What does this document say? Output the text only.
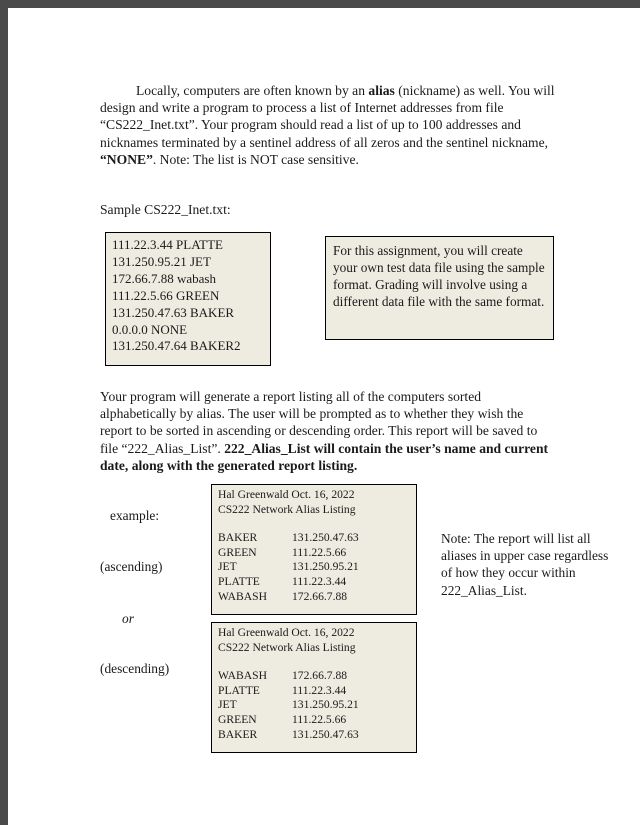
Locally, computers are often known by an alias (nickname) as well. You will design and write a program to process a list of Internet addresses from file “CS222_Inet.txt”. Your program should read a list of up to 100 addresses and nicknames terminated by a sentinel address of all zeros and the sentinel nickname, “NONE”. Note: The list is NOT case sensitive.

Sample CS222_Inet.txt:
111.22.3.44 PLATTE
131.250.95.21 JET
172.66.7.88 wabash
111.22.5.66 GREEN
131.250.47.63 BAKER
0.0.0.0 NONE
131.250.47.64 BAKER2
For this assignment, you will create your own test data file using the sample format. Grading will involve using a different data file with the same format.

Your program will generate a report listing all of the computers sorted alphabetically by alias. The user will be prompted as to whether they wish the report to be sorted in ascending or descending order. This report will be saved to file “222_Alias_List”. 222_Alias_List will contain the user’s name and current date, along with the generated report listing.

example:
(ascending)
or
(descending)
Hal Greenwald Oct. 16, 2022
CS222 Network Alias Listing
BAKER	131.250.47.63
GREEN	111.22.5.66
JET	131.250.95.21
PLATTE	111.22.3.44
WABASH	172.66.7.88
Hal Greenwald Oct. 16, 2022
CS222 Network Alias Listing
WABASH	172.66.7.88
PLATTE	111.22.3.44
JET	131.250.95.21
GREEN	111.22.5.66
BAKER	131.250.47.63
Note: The report will list all aliases in upper case regardless of how they occur within 222_Alias_List.
